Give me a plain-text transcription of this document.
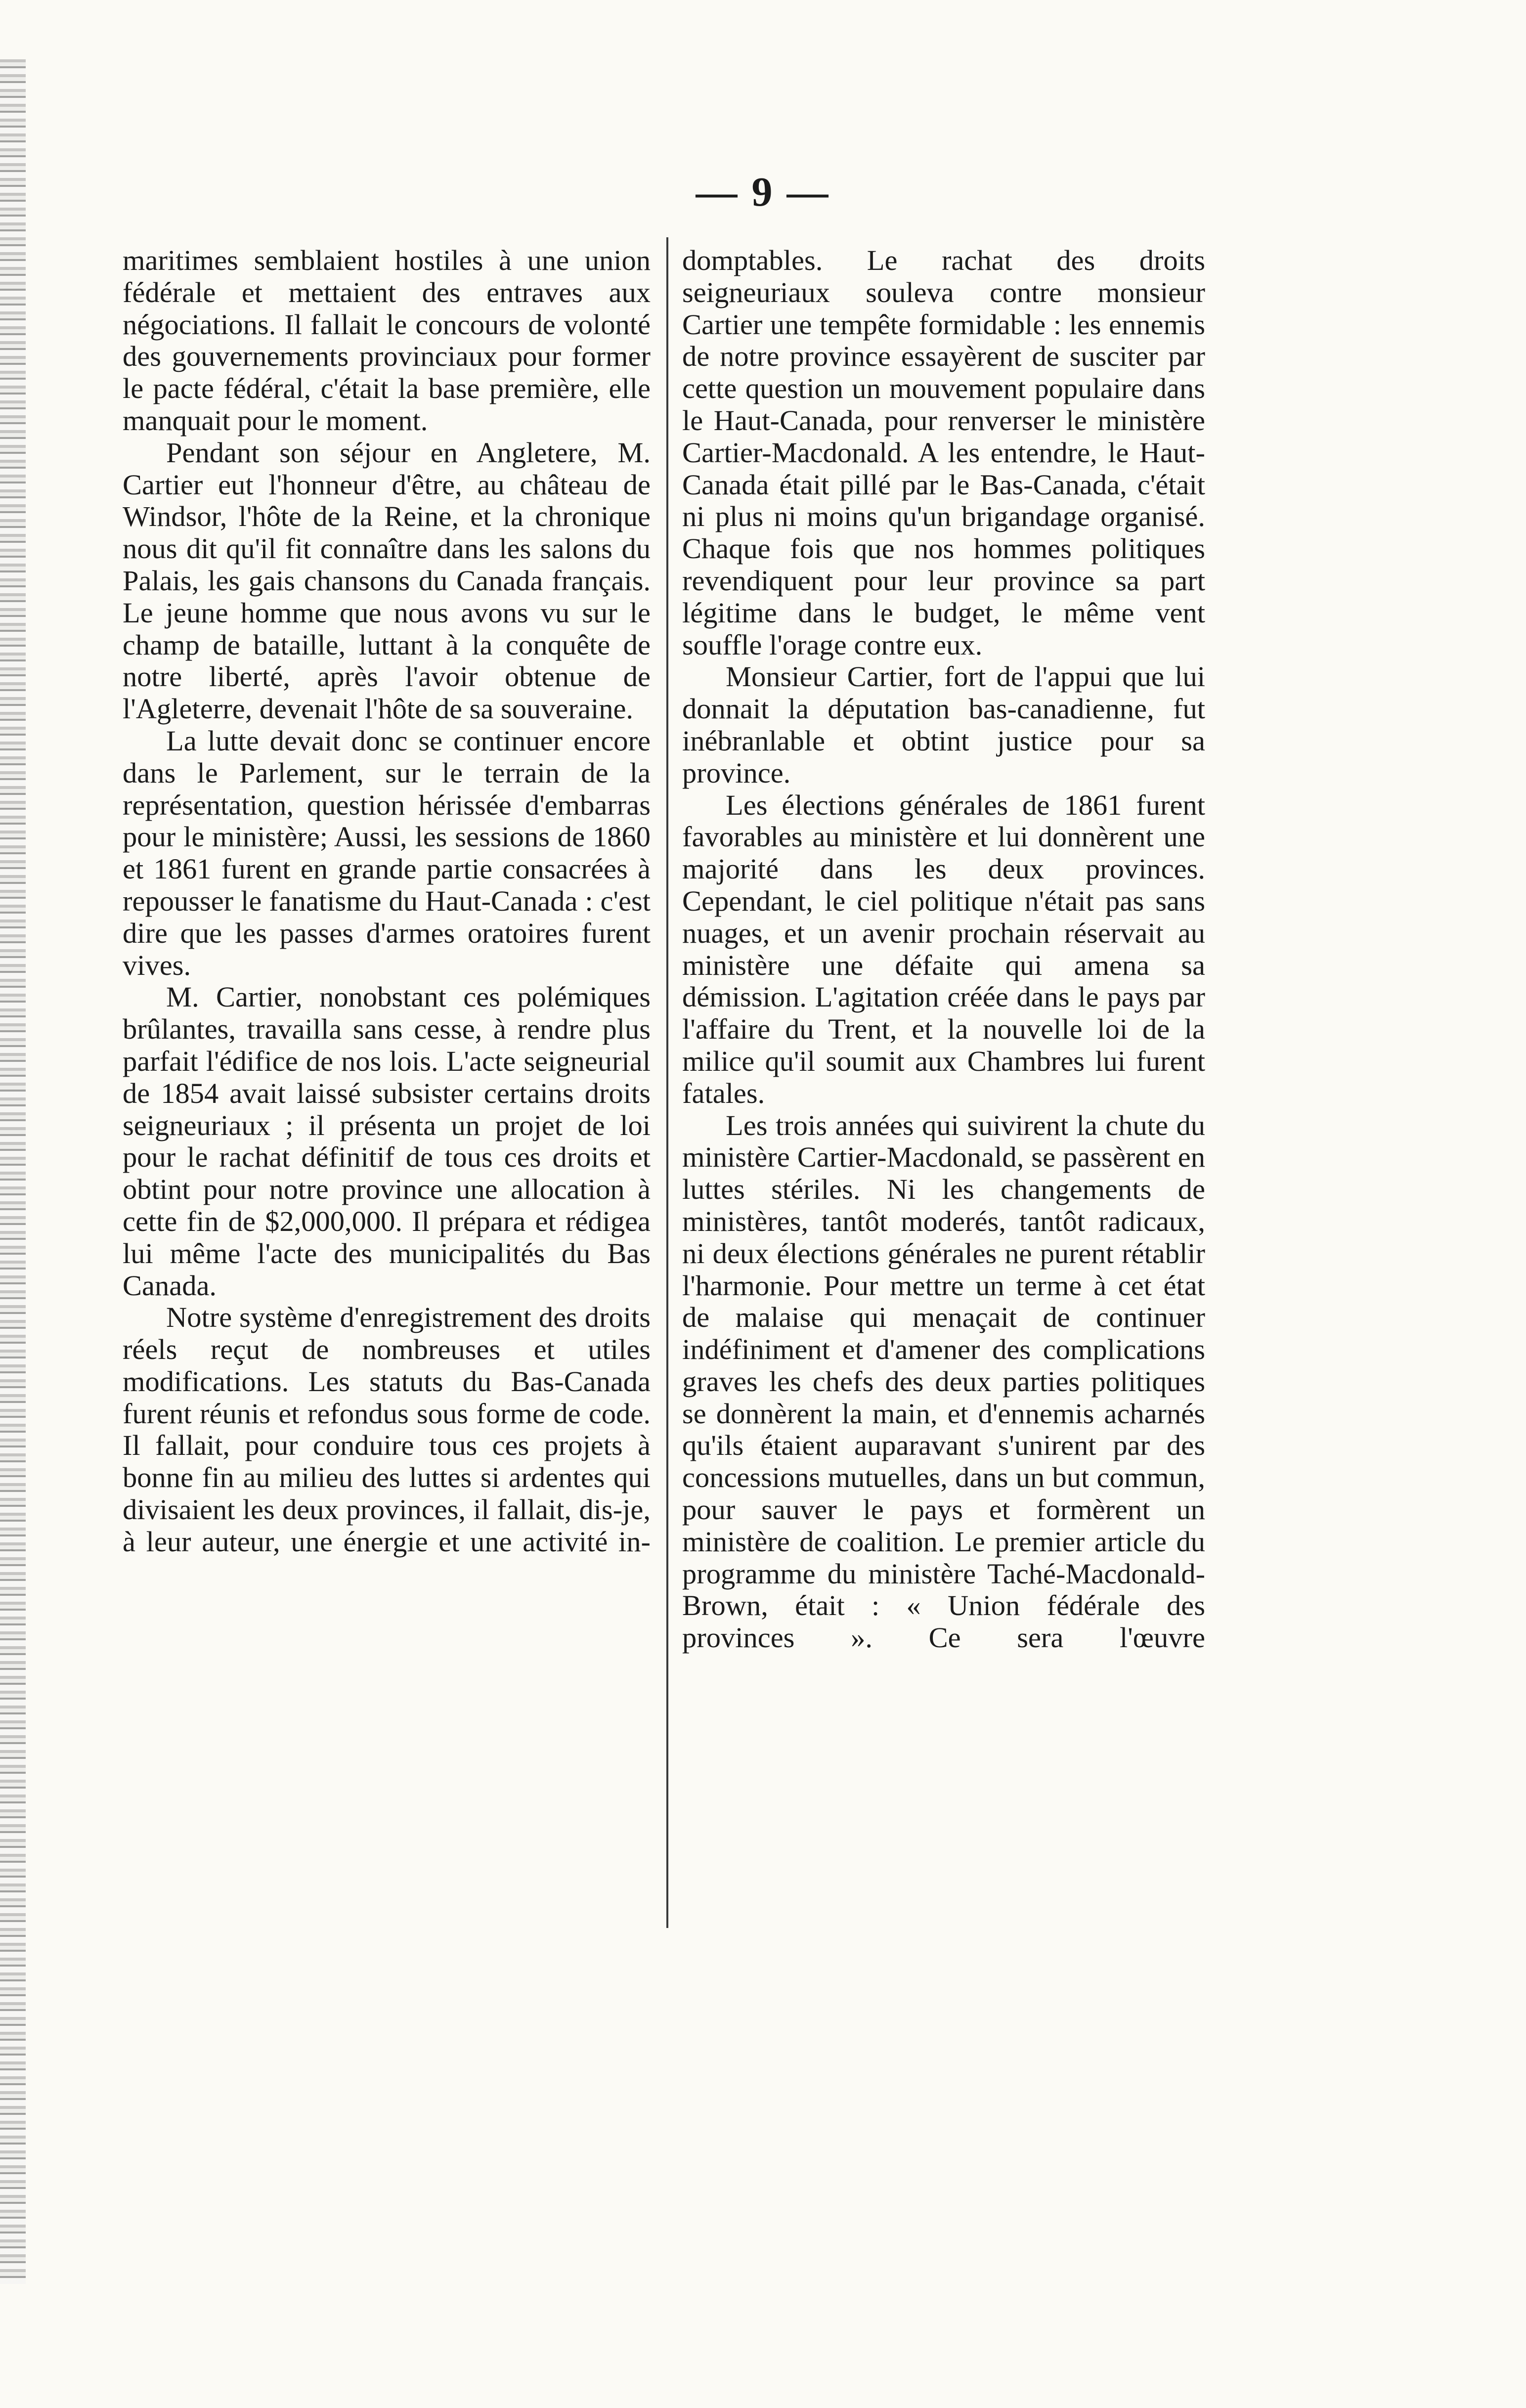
— 9 —

maritimes semblaient hostiles à une union fédérale et mettaient des entraves aux négociations. Il fallait le concours de volonté des gouvernements provinciaux pour former le pacte fédéral, c'était la base première, elle manquait pour le moment.

Pendant son séjour en Angletere, M. Cartier eut l'honneur d'être, au château de Windsor, l'hôte de la Reine, et la chronique nous dit qu'il fit connaître dans les salons du Palais, les gais chansons du Canada français. Le jeune homme que nous avons vu sur le champ de bataille, luttant à la conquête de notre liberté, après l'avoir obtenue de l'Agleterre, devenait l'hôte de sa souveraine.

La lutte devait donc se continuer encore dans le Parlement, sur le terrain de la représentation, question hérissée d'embarras pour le ministère; Aussi, les sessions de 1860 et 1861 furent en grande partie consacrées à repousser le fanatisme du Haut-Canada : c'est dire que les passes d'armes oratoires furent vives.

M. Cartier, nonobstant ces polémiques brûlantes, travailla sans cesse, à rendre plus parfait l'édifice de nos lois. L'acte seigneurial de 1854 avait laissé subsister certains droits seigneuriaux ; il présenta un projet de loi pour le rachat définitif de tous ces droits et obtint pour notre province une allocation à cette fin de $2,000,000. Il prépara et rédigea lui même l'acte des municipalités du Bas Canada.

Notre système d'enregistrement des droits réels reçut de nombreuses et utiles modifications. Les statuts du Bas-Canada furent réunis et refondus sous forme de code. Il fallait, pour conduire tous ces projets à bonne fin au milieu des luttes si ardentes qui divisaient les deux provinces, il fallait, dis-je, à leur auteur, une énergie et une activité in-

domptables. Le rachat des droits seigneuriaux souleva contre monsieur Cartier une tempête formidable : les ennemis de notre province essayèrent de susciter par cette question un mouvement populaire dans le Haut-Canada, pour renverser le ministère Cartier-Macdonald. A les entendre, le Haut-Canada était pillé par le Bas-Canada, c'était ni plus ni moins qu'un brigandage organisé. Chaque fois que nos hommes politiques revendiquent pour leur province sa part légitime dans le budget, le même vent souffle l'orage contre eux.

Monsieur Cartier, fort de l'appui que lui donnait la députation bas-canadienne, fut inébranlable et obtint justice pour sa province.

Les élections générales de 1861 furent favorables au ministère et lui donnèrent une majorité dans les deux provinces. Cependant, le ciel politique n'était pas sans nuages, et un avenir prochain réservait au ministère une défaite qui amena sa démission. L'agitation créée dans le pays par l'affaire du Trent, et la nouvelle loi de la milice qu'il soumit aux Chambres lui furent fatales.

Les trois années qui suivirent la chute du ministère Cartier-Macdonald, se passèrent en luttes stériles. Ni les changements de ministères, tantôt moderés, tantôt radicaux, ni deux élections générales ne purent rétablir l'harmonie. Pour mettre un terme à cet état de malaise qui menaçait de continuer indéfiniment et d'amener des complications graves les chefs des deux parties politiques se donnèrent la main, et d'ennemis acharnés qu'ils étaient auparavant s'unirent par des concessions mutuelles, dans un but commun, pour sauver le pays et formèrent un ministère de coalition. Le premier article du programme du ministère Taché-Macdonald-Brown, était : « Union fédérale des provinces ». Ce sera l'œuvre
